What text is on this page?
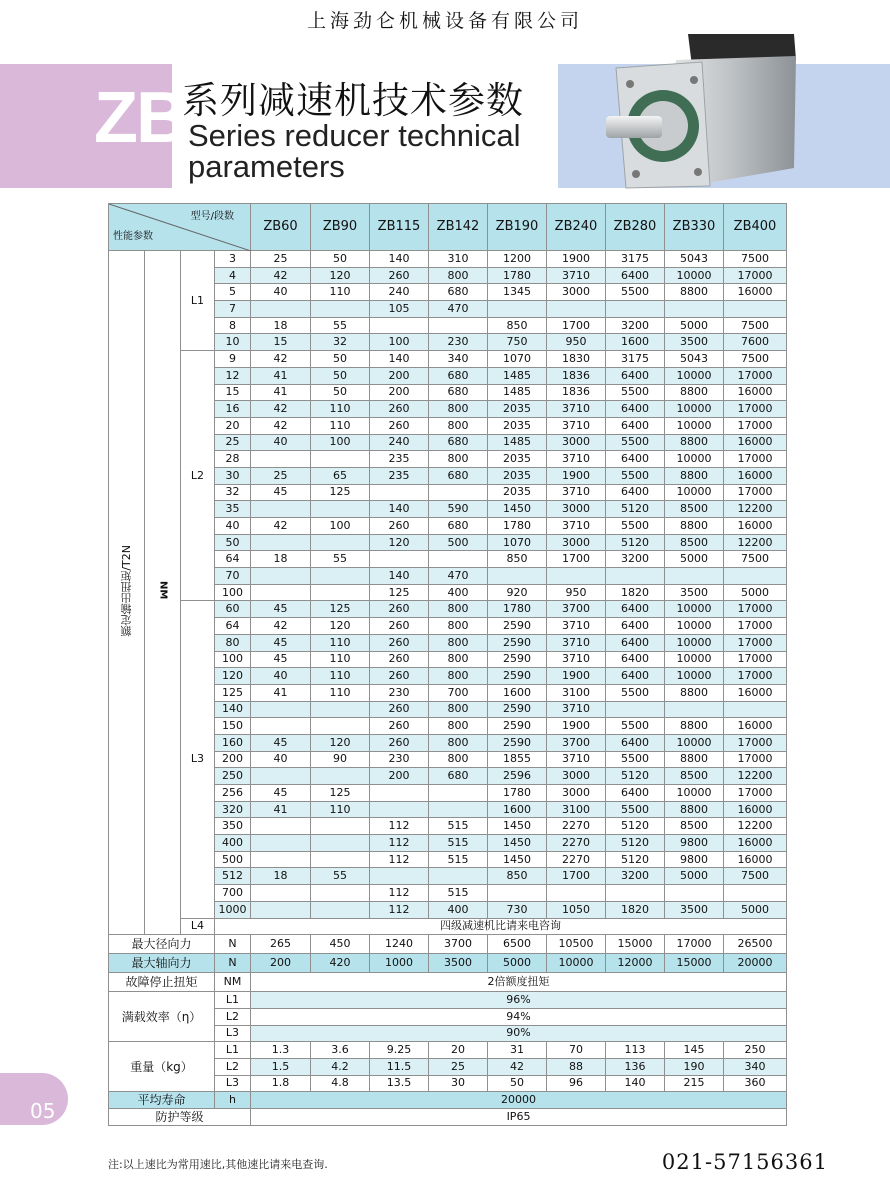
上海劲仑机械设备有限公司
ZB
系列减速机技术参数
Series reducer technical
parameters
型号/段数
性能参数				ZB60	ZB90	ZB115	ZB142	ZB190	ZB240	ZB280	ZB330	ZB400
额定输出扭矩/T2N	NM	L1	3	25	50	140	310	1200	1900	3175	5043	7500
			4	42	120	260	800	1780	3710	6400	10000	17000
			5	40	110	240	680	1345	3000	5500	8800	16000
			7			105	470					
			8	18	55			850	1700	3200	5000	7500
			10	15	32	100	230	750	950	1600	3500	7600
		L2	9	42	50	140	340	1070	1830	3175	5043	7500
			12	41	50	200	680	1485	1836	6400	10000	17000
			15	41	50	200	680	1485	1836	5500	8800	16000
			16	42	110	260	800	2035	3710	6400	10000	17000
			20	42	110	260	800	2035	3710	6400	10000	17000
			25	40	100	240	680	1485	3000	5500	8800	16000
			28			235	800	2035	3710	6400	10000	17000
			30	25	65	235	680	2035	1900	5500	8800	16000
			32	45	125			2035	3710	6400	10000	17000
			35			140	590	1450	3000	5120	8500	12200
			40	42	100	260	680	1780	3710	5500	8800	16000
			50			120	500	1070	3000	5120	8500	12200
			64	18	55			850	1700	3200	5000	7500
			70			140	470					
			100			125	400	920	950	1820	3500	5000
		L3	60	45	125	260	800	1780	3700	6400	10000	17000
			64	42	120	260	800	2590	3710	6400	10000	17000
			80	45	110	260	800	2590	3710	6400	10000	17000
			100	45	110	260	800	2590	3710	6400	10000	17000
			120	40	110	260	800	2590	1900	6400	10000	17000
			125	41	110	230	700	1600	3100	5500	8800	16000
			140			260	800	2590	3710			
			150			260	800	2590	1900	5500	8800	16000
			160	45	120	260	800	2590	3700	6400	10000	17000
			200	40	90	230	800	1855	3710	5500	8800	17000
			250			200	680	2596	3000	5120	8500	12200
			256	45	125			1780	3000	6400	10000	17000
			320	41	110			1600	3100	5500	8800	16000
			350			112	515	1450	2270	5120	8500	12200
			400			112	515	1450	2270	5120	9800	16000
			500			112	515	1450	2270	5120	9800	16000
			512	18	55			850	1700	3200	5000	7500
			700			112	515					
			1000			112	400	730	1050	1820	3500	5000
		L4	四级减速机比请来电咨询									
最大径向力			N	265	450	1240	3700	6500	10500	15000	17000	26500
最大轴向力			N	200	420	1000	3500	5000	10000	12000	15000	20000
故障停止扭矩			NM	2倍额度扭矩								
满载效率（η）			L1	96%								
			L2	94%								
			L3	90%								
重量（kg）			L1	1.3	3.6	9.25	20	31	70	113	145	250
			L2	1.5	4.2	11.5	25	42	88	136	190	340
			L3	1.8	4.8	13.5	30	50	96	140	215	360
平均寿命			h	20000								
防护等级				IP65								
05
注:以上速比为常用速比,其他速比请来电查询.	021-57156361
